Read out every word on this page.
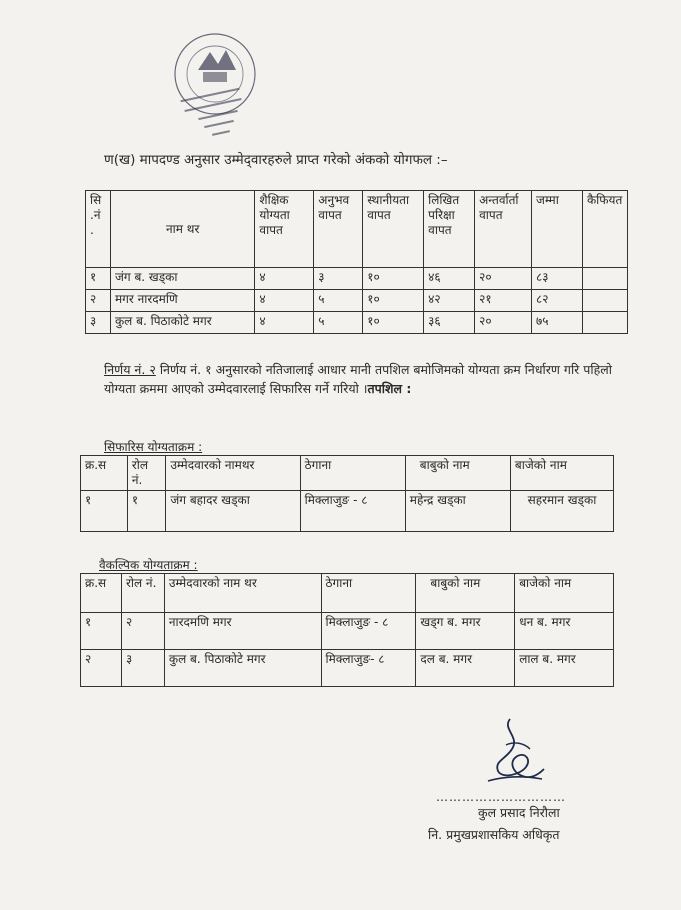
ण(ख) मापदण्ड अनुसार उम्मेद्‌वारहरुले प्राप्त गरेको अंकको योगफल :–
सि .नं .	नाम थर	शैक्षिक योग्यता वापत	अनुभव वापत	स्थानीयता वापत	लिखित परिक्षा वापत	अन्तर्वार्ता वापत	जम्मा	कैफियत
१	जंग ब. खड्का	४	३	१०	४६	२०	८३	
२	मगर नारदमणि	४	५	१०	४२	२१	८२	
३	कुल ब. पिठाकोटे मगर	४	५	१०	३६	२०	७५	
निर्णय नं. २ निर्णय नं. १ अनुसारको नतिजालाई आधार मानी तपशिल बमोजिमको योग्यता क्रम निर्धारण गरि पहिलो योग्यता क्रममा आएको उम्मेदवारलाई सिफारिस गर्ने गरियो ।तपशिल :
सिफारिस योग्यताक्रम :
क्र.स	रोल नं.	उम्मेदवारको नामथर	ठेगाना	बाबुको नाम	बाजेको नाम
१	१	जंग बहादर खड्का	मिक्लाजुङ - ८	महेन्द्र खड्का	सहरमान खड्का
वैकल्पिक योग्यताक्रम :
क्र.स	रोल नं.	उम्मेदवारको नाम थर	ठेगाना	बाबुको नाम	बाजेको नाम
१	२	नारदमणि मगर	मिक्लाजुङ - ८	खड्ग ब. मगर	धन ब. मगर
२	३	कुल ब. पिठाकोटे मगर	मिक्लाजुङ- ८	दल ब. मगर	लाल ब. मगर
…………………………
कुल प्रसाद निरौला
नि. प्रमुखप्रशासकिय अधिकृत
